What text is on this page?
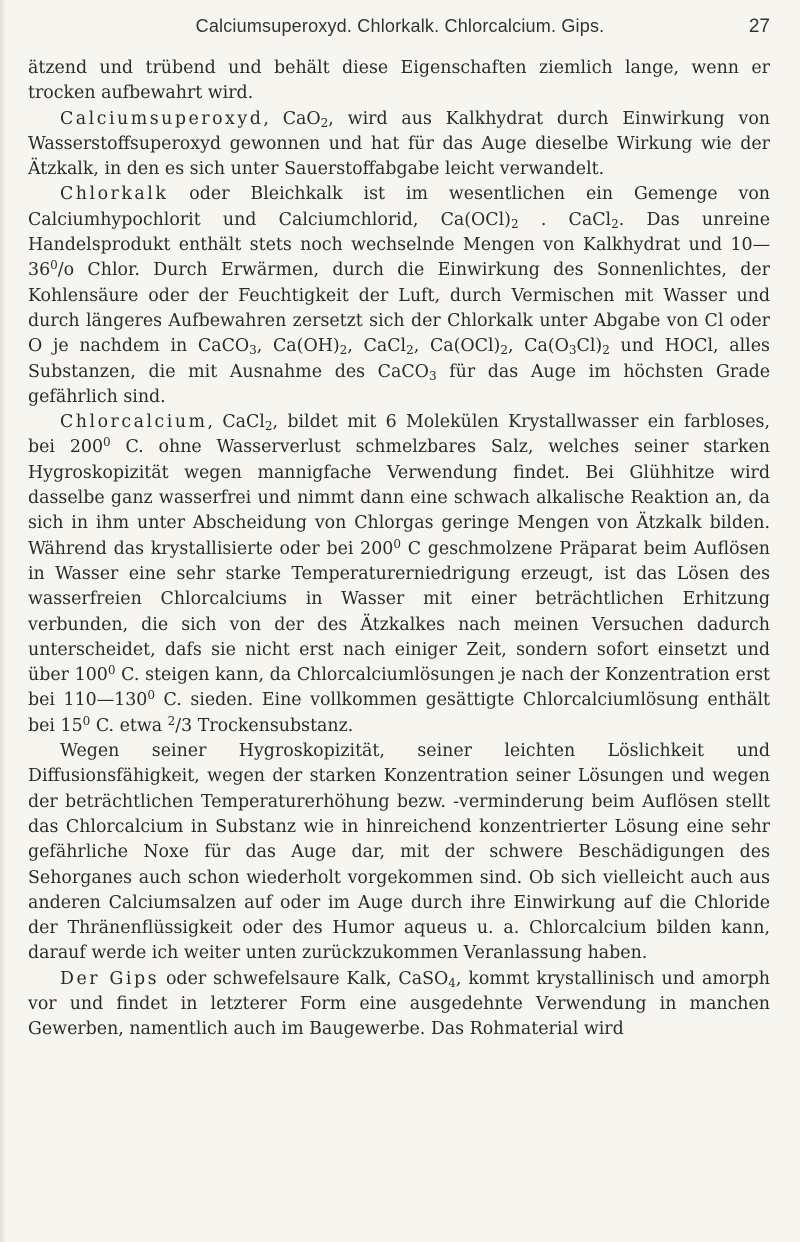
Calciumsuperoxyd. Chlorkalk. Chlorcalcium. Gips.	27

ätzend und trübend und behält diese Eigenschaften ziemlich lange, wenn er trocken aufbewahrt wird.

Calciumsuperoxyd, CaO$_2$, wird aus Kalkhydrat durch Einwirkung von Wasserstoffsuperoxyd gewonnen und hat für das Auge dieselbe Wirkung wie der Ätzkalk, in den es sich unter Sauerstoffabgabe leicht verwandelt.

Chlorkalk oder Bleichkalk ist im wesentlichen ein Gemenge von Calciumhypochlorit und Calciumchlorid, $Ca(OCl)_2$ . CaCl$_2$. Das unreine Handelsprodukt enthält stets noch wechselnde Mengen von Kalkhydrat und $10—36^0/o$ Chlor. Durch Erwärmen, durch die Einwirkung des Sonnenlichtes, der Kohlensäure oder der Feuchtigkeit der Luft, durch Vermischen mit Wasser und durch längeres Aufbewahren zersetzt sich der Chlorkalk unter Abgabe von Cl oder O je nachdem in CaCO$_3$, $Ca(OH)_2$, CaCl$_2$, $Ca(OCl)_2$, $Ca(O_3Cl)_2$ und HOCl, alles Substanzen, die mit Ausnahme des CaCO$_3$ für das Auge im höchsten Grade gefährlich sind.

Chlorcalcium, CaCl$_2$, bildet mit 6 Molekülen Krystallwasser ein farbloses, bei $200^0$ C. ohne Wasserverlust schmelzbares Salz, welches seiner starken Hygroskopizität wegen mannigfache Verwendung findet. Bei Glühhitze wird dasselbe ganz wasserfrei und nimmt dann eine schwach alkalische Reaktion an, da sich in ihm unter Abscheidung von Chlorgas geringe Mengen von Ätzkalk bilden. Während das krystallisierte oder bei $200^0$ C geschmolzene Präparat beim Auflösen in Wasser eine sehr starke Temperaturerniedrigung erzeugt, ist das Lösen des wasserfreien Chlorcalciums in Wasser mit einer beträchtlichen Erhitzung verbunden, die sich von der des Ätzkalkes nach meinen Versuchen dadurch unterscheidet, dafs sie nicht erst nach einiger Zeit, sondern sofort einsetzt und über $100^0$ C. steigen kann, da Chlorcalciumlösungen je nach der Konzentration erst bei $110—130^0$ C. sieden. Eine vollkommen gesättigte Chlorcalciumlösung enthält bei $15^0$ C. etwa $^2$/3 Trockensubstanz.

Wegen seiner Hygroskopizität, seiner leichten Löslichkeit und Diffusionsfähigkeit, wegen der starken Konzentration seiner Lösungen und wegen der beträchtlichen Temperaturerhöhung bezw. -verminderung beim Auflösen stellt das Chlorcalcium in Substanz wie in hinreichend konzentrierter Lösung eine sehr gefährliche Noxe für das Auge dar, mit der schwere Beschädigungen des Sehorganes auch schon wiederholt vorgekommen sind. Ob sich vielleicht auch aus anderen Calciumsalzen auf oder im Auge durch ihre Einwirkung auf die Chloride der Thränenflüssigkeit oder des Humor aqueus u. a. Chlorcalcium bilden kann, darauf werde ich weiter unten zurückzukommen Veranlassung haben.

Der Gips oder schwefelsaure Kalk, CaSO$_4$, kommt krystallinisch und amorph vor und findet in letzterer Form eine ausgedehnte Verwendung in manchen Gewerben, namentlich auch im Baugewerbe. Das Rohmaterial wird
